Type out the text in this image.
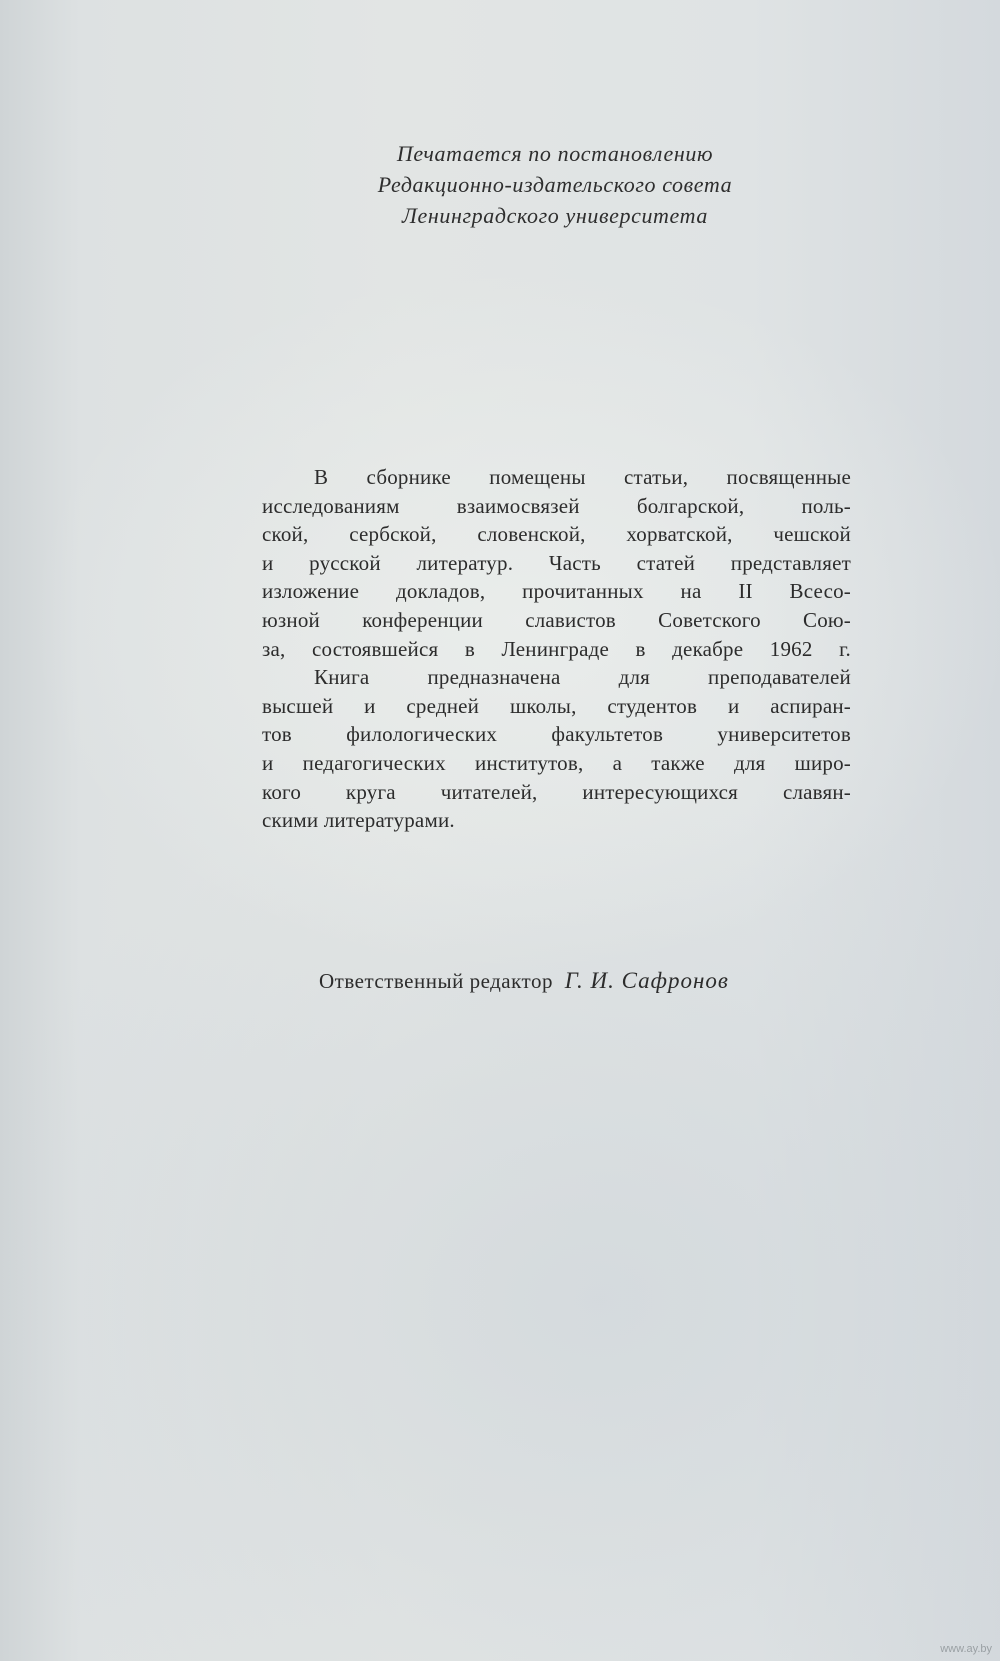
Печатается по постановлению
Редакционно-издательского совета
Ленинградского университета
В сборнике помещены статьи, посвященные
исследованиям взаимосвязей болгарской, поль-
ской, сербской, словенской, хорватской, чешской
и русской литератур. Часть статей представляет
изложение докладов, прочитанных на II Всесо-
юзной конференции славистов Советского Сою-
за, состоявшейся в Ленинграде в декабре 1962 г.
Книга предназначена для преподавателей
высшей и средней школы, студентов и аспиран-
тов филологических факультетов университетов
и педагогических институтов, а также для широ-
кого круга читателей, интересующихся славян-
скими литературами.
Ответственный редактор Г. И. Сафронов
www.ay.by
